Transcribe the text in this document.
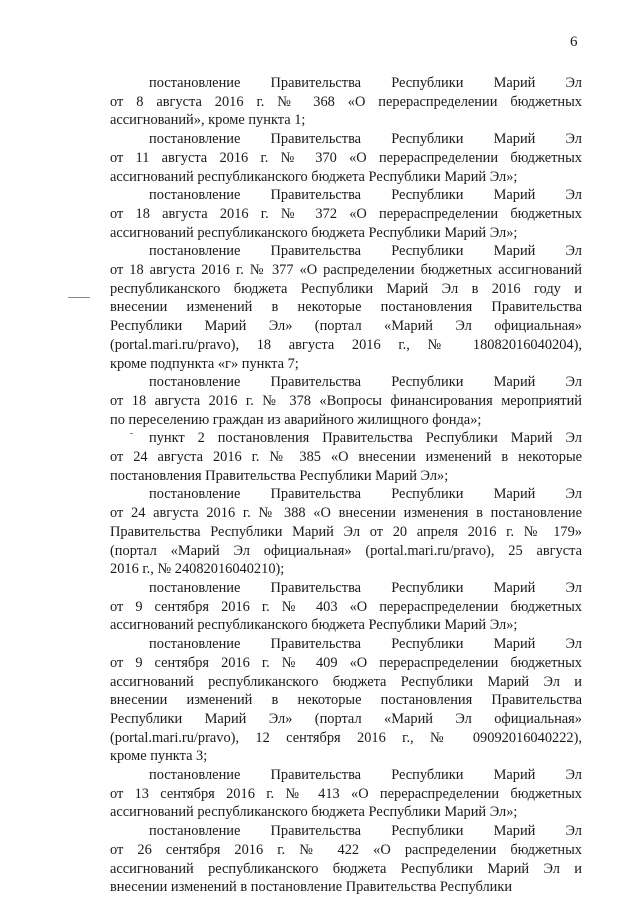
6

постановление Правительства Республики Марий Эл
от 8 августа 2016 г. № 368 «О перераспределении бюджетных
ассигнований», кроме пункта 1;

постановление Правительства Республики Марий Эл
от 11 августа 2016 г. № 370 «О перераспределении бюджетных
ассигнований республиканского бюджета Республики Марий Эл»;

постановление Правительства Республики Марий Эл
от 18 августа 2016 г. № 372 «О перераспределении бюджетных
ассигнований республиканского бюджета Республики Марий Эл»;

постановление Правительства Республики Марий Эл
от 18 августа 2016 г. № 377 «О распределении бюджетных ассигнований
республиканского бюджета Республики Марий Эл в 2016 году и
внесении изменений в некоторые постановления Правительства
Республики Марий Эл» (портал «Марий Эл официальная»
(portal.mari.ru/pravo), 18 августа 2016 г., № 18082016040204),
кроме подпункта «г» пункта 7;

постановление Правительства Республики Марий Эл
от 18 августа 2016 г. № 378 «Вопросы финансирования мероприятий
по переселению граждан из аварийного жилищного фонда»;

пункт 2 постановления Правительства Республики Марий Эл
от 24 августа 2016 г. № 385 «О внесении изменений в некоторые
постановления Правительства Республики Марий Эл»;

постановление Правительства Республики Марий Эл
от 24 августа 2016 г. № 388 «О внесении изменения в постановление
Правительства Республики Марий Эл от 20 апреля 2016 г. № 179»
(портал «Марий Эл официальная» (portal.mari.ru/pravo), 25 августа
2016 г., № 24082016040210);

постановление Правительства Республики Марий Эл
от 9 сентября 2016 г. № 403 «О перераспределении бюджетных
ассигнований республиканского бюджета Республики Марий Эл»;

постановление Правительства Республики Марий Эл
от 9 сентября 2016 г. № 409 «О перераспределении бюджетных
ассигнований республиканского бюджета Республики Марий Эл и
внесении изменений в некоторые постановления Правительства
Республики Марий Эл» (портал «Марий Эл официальная»
(portal.mari.ru/pravo), 12 сентября 2016 г., № 09092016040222),
кроме пункта 3;

постановление Правительства Республики Марий Эл
от 13 сентября 2016 г. № 413 «О перераспределении бюджетных
ассигнований республиканского бюджета Республики Марий Эл»;

постановление Правительства Республики Марий Эл
от 26 сентября 2016 г. № 422 «О распределении бюджетных
ассигнований республиканского бюджета Республики Марий Эл и
внесении изменений в постановление Правительства Республики
